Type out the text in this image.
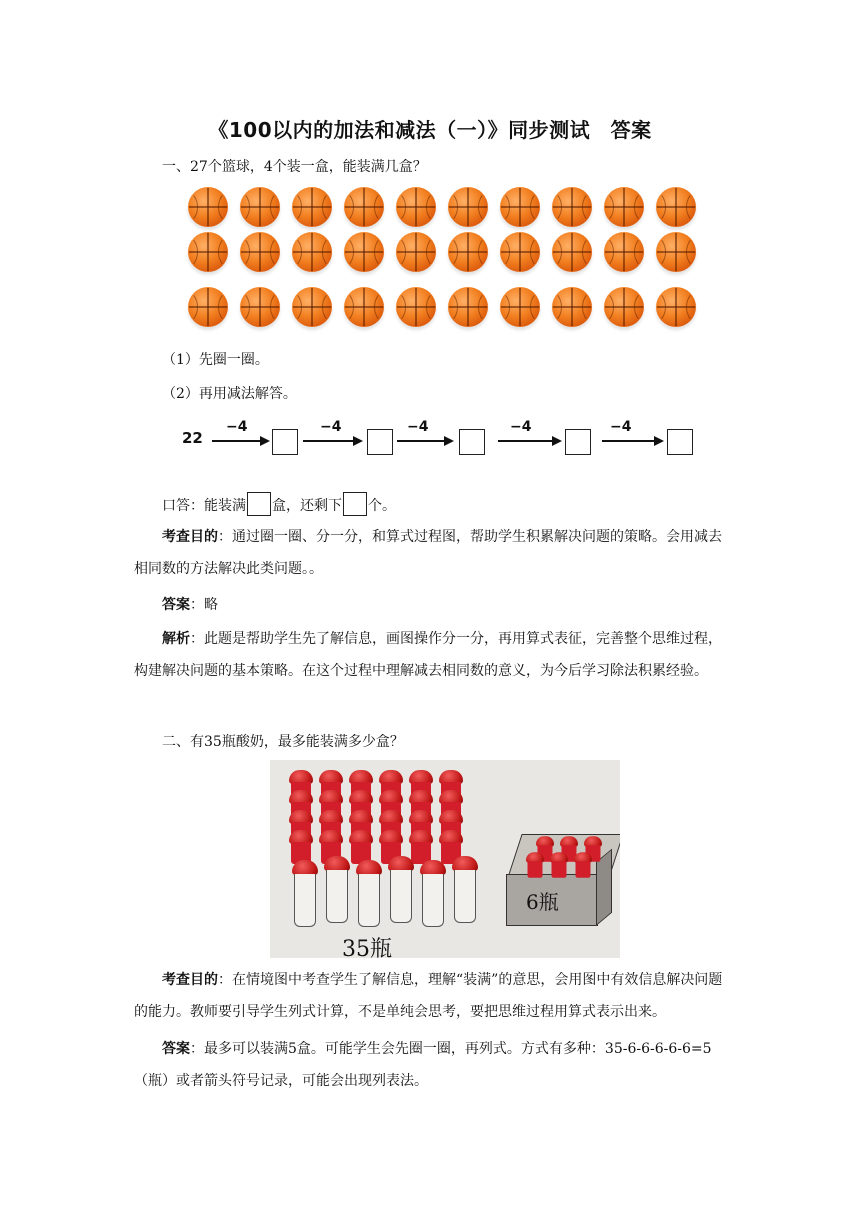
《100以内的加法和减法（一）》同步测试　答案
一、27个篮球，4个装一盒，能装满几盒？
（1）先圈一圈。
（2）再用减法解答。
22
−4	−4	−4	−4	−4
口答：能装满 盒，还剩下 个。
考查目的：通过圈一圈、分一分，和算式过程图，帮助学生积累解决问题的策略。会用减去相同数的方法解决此类问题。。
答案：略
解析：此题是帮助学生先了解信息，画图操作分一分，再用算式表征，完善整个思维过程，构建解决问题的基本策略。在这个过程中理解减去相同数的意义，为今后学习除法积累经验。
二、有35瓶酸奶，最多能装满多少盒？
6瓶
35瓶
考查目的：在情境图中考查学生了解信息，理解“装满”的意思，会用图中有效信息解决问题的能力。教师要引导学生列式计算，不是单纯会思考，要把思维过程用算式表示出来。
答案：最多可以装满5盒。可能学生会先圈一圈，再列式。方式有多种：35-6-6-6-6-6=5（瓶）或者箭头符号记录，可能会出现列表法。
